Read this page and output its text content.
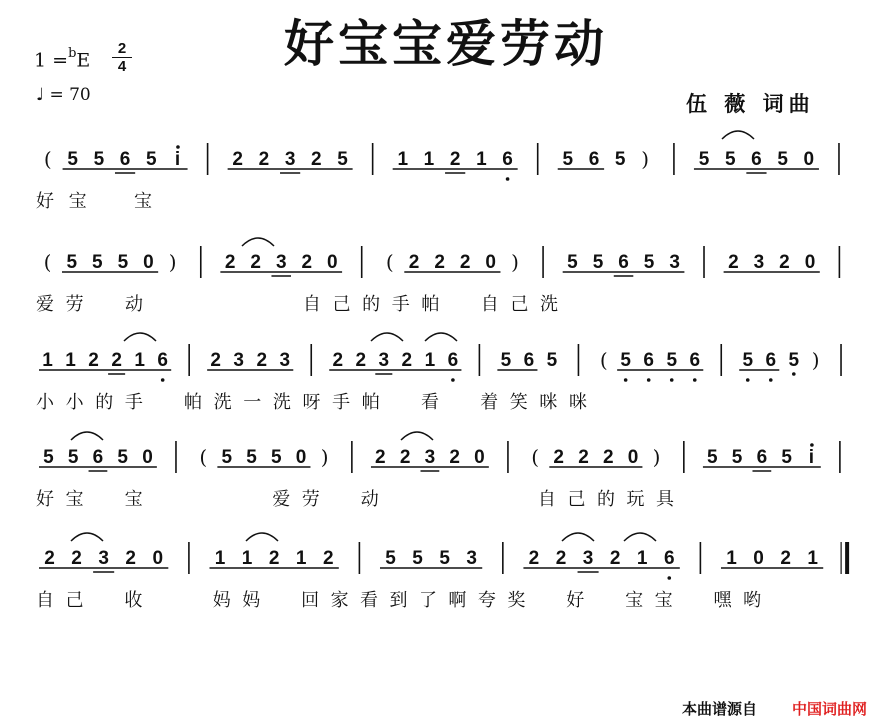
好宝宝爱劳动
1 =$^b$E
2
4
♩ = 70	伍 薇 词曲
( 5 5 6 5 i	2 2 3 2 5	1 1 2 1 6	5 6 5 )	5 5 6 5 0
好宝　宝
( 5 5 5 0 )	2 2 3 2 0 ( 2 2 2 0 )	5 5 6 5 3	2 3 2 0
爱劳　动　　　　　自己的手帕　自己洗
1 1 2 2 1 6 2 3 2 3 2 2 3 2 1 6 5 6 5 ( 5 6 5 6 5 6 5 )
小小的手　帕洗一洗呀手帕　看　着笑咪咪
5 5 6 5 0 ( 5 5 5 0 ) 2 2 3 2 0 ( 2 2 2 0 ) 5 5 6 5 i
好宝　宝　　　　爱劳　动　　　　　自己的玩具
2 2 3 2 0	1 1 2 1 2	5 5 5 3	2 2 3 2 1 6	1 0 2 1
自己　收　　妈妈　回家看到了啊夸奖　好　宝宝　嘿哟
本曲谱源自 中国词曲网
